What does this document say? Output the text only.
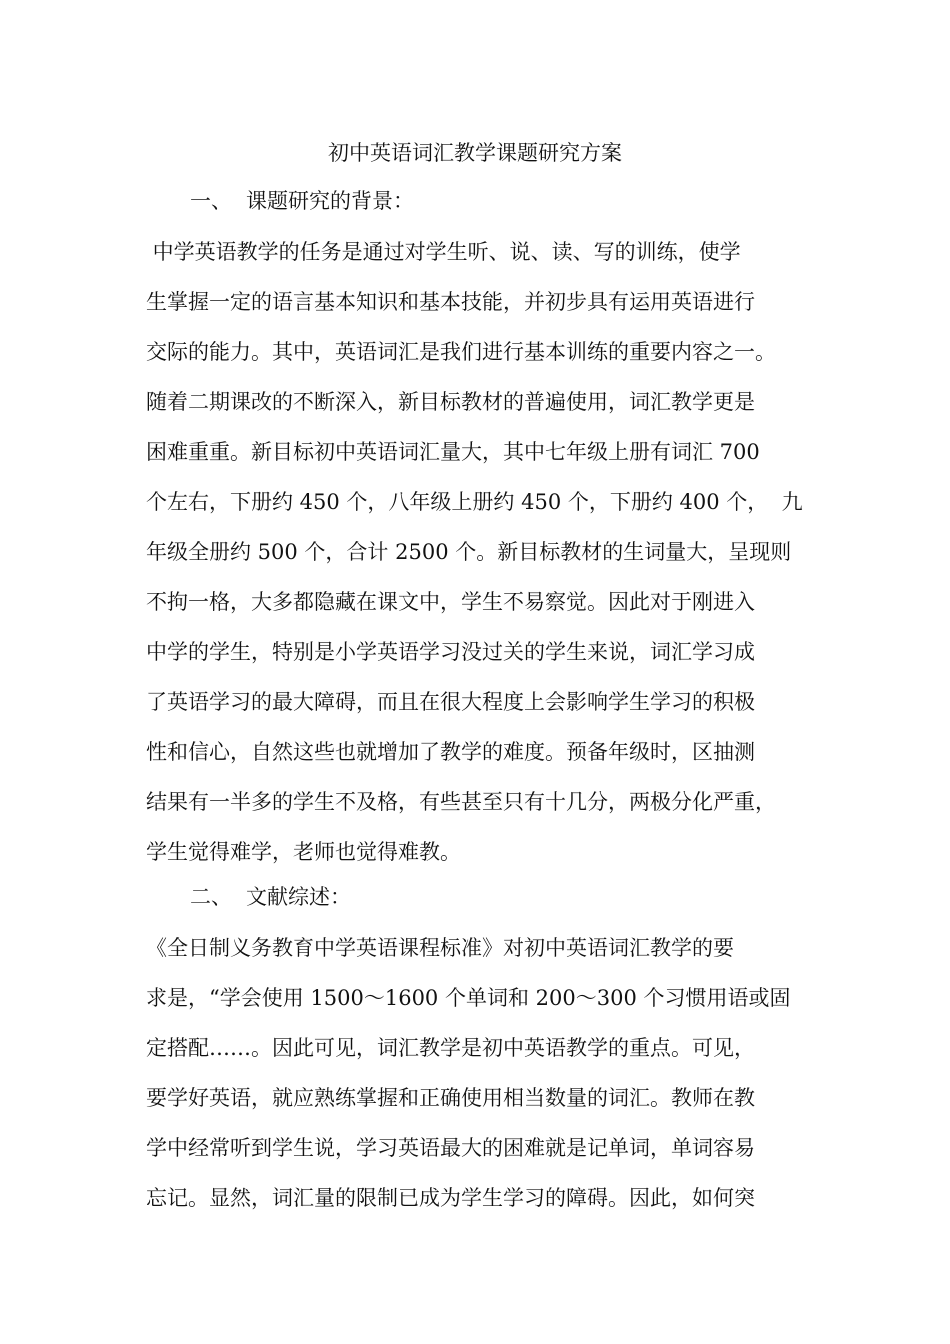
初中英语词汇教学课题研究方案
一、 课题研究的背景：
中学英语教学的任务是通过对学生听、说、读、写的训练，使学
生掌握一定的语言基本知识和基本技能，并初步具有运用英语进行
交际的能力。其中，英语词汇是我们进行基本训练的重要内容之一。
随着二期课改的不断深入，新目标教材的普遍使用，词汇教学更是
困难重重。新目标初中英语词汇量大，其中七年级上册有词汇 700
个左右，下册约 450 个，八年级上册约 450 个，下册约 400 个，  九
年级全册约 500 个，合计 2500 个。新目标教材的生词量大，呈现则
不拘一格，大多都隐藏在课文中，学生不易察觉。因此对于刚进入
中学的学生，特别是小学英语学习没过关的学生来说，词汇学习成
了英语学习的最大障碍，而且在很大程度上会影响学生学习的积极
性和信心，自然这些也就增加了教学的难度。预备年级时，区抽测
结果有一半多的学生不及格，有些甚至只有十几分，两极分化严重，
学生觉得难学，老师也觉得难教。
二、 文献综述：
《全日制义务教育中学英语课程标准》对初中英语词汇教学的要
求是，“学会使用 1500～1600 个单词和 200～300 个习惯用语或固
定搭配……。因此可见，词汇教学是初中英语教学的重点。可见，
要学好英语，就应熟练掌握和正确使用相当数量的词汇。教师在教
学中经常听到学生说，学习英语最大的困难就是记单词，单词容易
忘记。显然，词汇量的限制已成为学生学习的障碍。因此，如何突
